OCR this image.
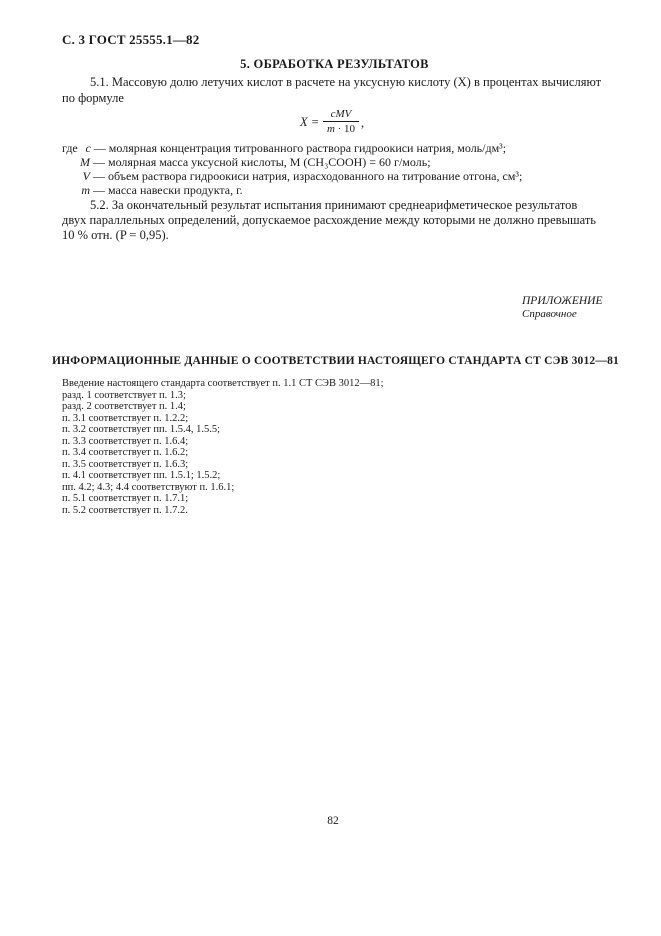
С. 3 ГОСТ 25555.1—82
5. ОБРАБОТКА РЕЗУЛЬТАТОВ
5.1. Массовую долю летучих кислот в расчете на уксусную кислоту (X) в процентах вычисляют
по формуле
X =
cMV
m · 10 ,
где c — молярная концентрация титрованного раствора гидроокиси натрия, моль/дм³;
M — молярная масса уксусной кислоты, M (CH₃COOH) = 60 г/моль;
V — объем раствора гидроокиси натрия, израсходованного на титрование отгона, см³;
m — масса навески продукта, г.
5.2. За окончательный результат испытания принимают среднеарифметическое результатов
двух параллельных определений, допускаемое расхождение между которыми не должно превышать
10 % отн. (P = 0,95).
ПРИЛОЖЕНИЕ
Справочное
ИНФОРМАЦИОННЫЕ ДАННЫЕ О СООТВЕТСТВИИ НАСТОЯЩЕГО СТАНДАРТА СТ СЭВ 3012—81
Введение настоящего стандарта соответствует п. 1.1 СТ СЭВ 3012—81;
разд. 1 соответствует п. 1.3;
разд. 2 соответствует п. 1.4;
п. 3.1 соответствует п. 1.2.2;
п. 3.2 соответствует пп. 1.5.4, 1.5.5;
п. 3.3 соответствует п. 1.6.4;
п. 3.4 соответствует п. 1.6.2;
п. 3.5 соответствует п. 1.6.3;
п. 4.1 соответствует пп. 1.5.1; 1.5.2;
пп. 4.2; 4.3; 4.4 соответствуют п. 1.6.1;
п. 5.1 соответствует п. 1.7.1;
п. 5.2 соответствует п. 1.7.2.
82
